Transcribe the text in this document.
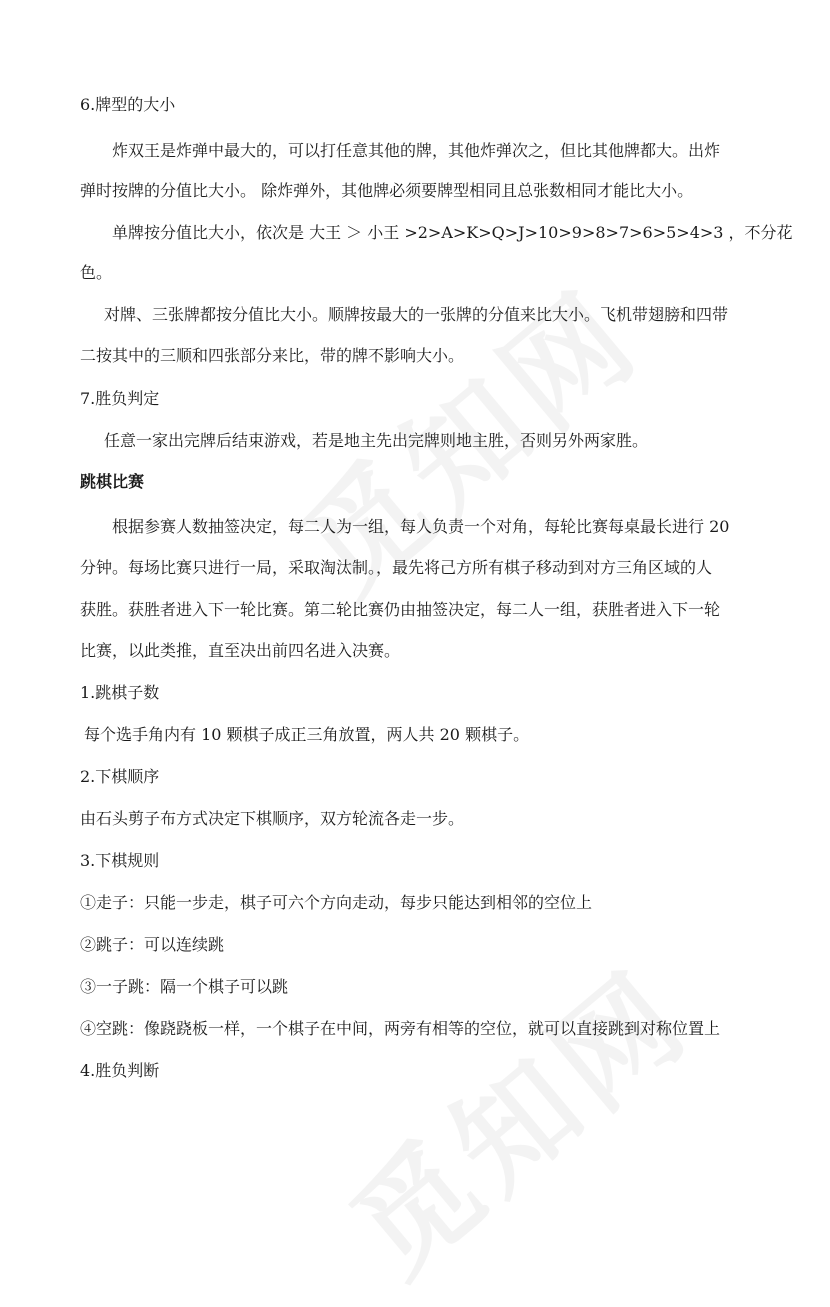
6.牌型的大小
炸双王是炸弹中最大的，可以打任意其他的牌，其他炸弹次之，但比其他牌都大。出炸
弹时按牌的分值比大小。 除炸弹外，其他牌必须要牌型相同且总张数相同才能比大小。
单牌按分值比大小，依次是 大王 ＞ 小王 >2>A>K>Q>J>10>9>8>7>6>5>4>3 ，不分花
色。
对牌、三张牌都按分值比大小。顺牌按最大的一张牌的分值来比大小。飞机带翅膀和四带
二按其中的三顺和四张部分来比，带的牌不影响大小。
7.胜负判定
任意一家出完牌后结束游戏，若是地主先出完牌则地主胜，否则另外两家胜。
跳棋比赛
根据参赛人数抽签决定，每二人为一组，每人负责一个对角，每轮比赛每桌最长进行 20
分钟。每场比赛只进行一局，采取淘汰制。，最先将己方所有棋子移动到对方三角区域的人
获胜。获胜者进入下一轮比赛。第二轮比赛仍由抽签决定，每二人一组，获胜者进入下一轮
比赛，以此类推，直至决出前四名进入决赛。
1.跳棋子数
每个选手角内有 10 颗棋子成正三角放置，两人共 20 颗棋子。
2.下棋顺序
由石头剪子布方式决定下棋顺序，双方轮流各走一步。
3.下棋规则
①走子：只能一步走，棋子可六个方向走动，每步只能达到相邻的空位上
②跳子：可以连续跳
③一子跳：隔一个棋子可以跳
④空跳：像跷跷板一样，一个棋子在中间，两旁有相等的空位，就可以直接跳到对称位置上
4.胜负判断
